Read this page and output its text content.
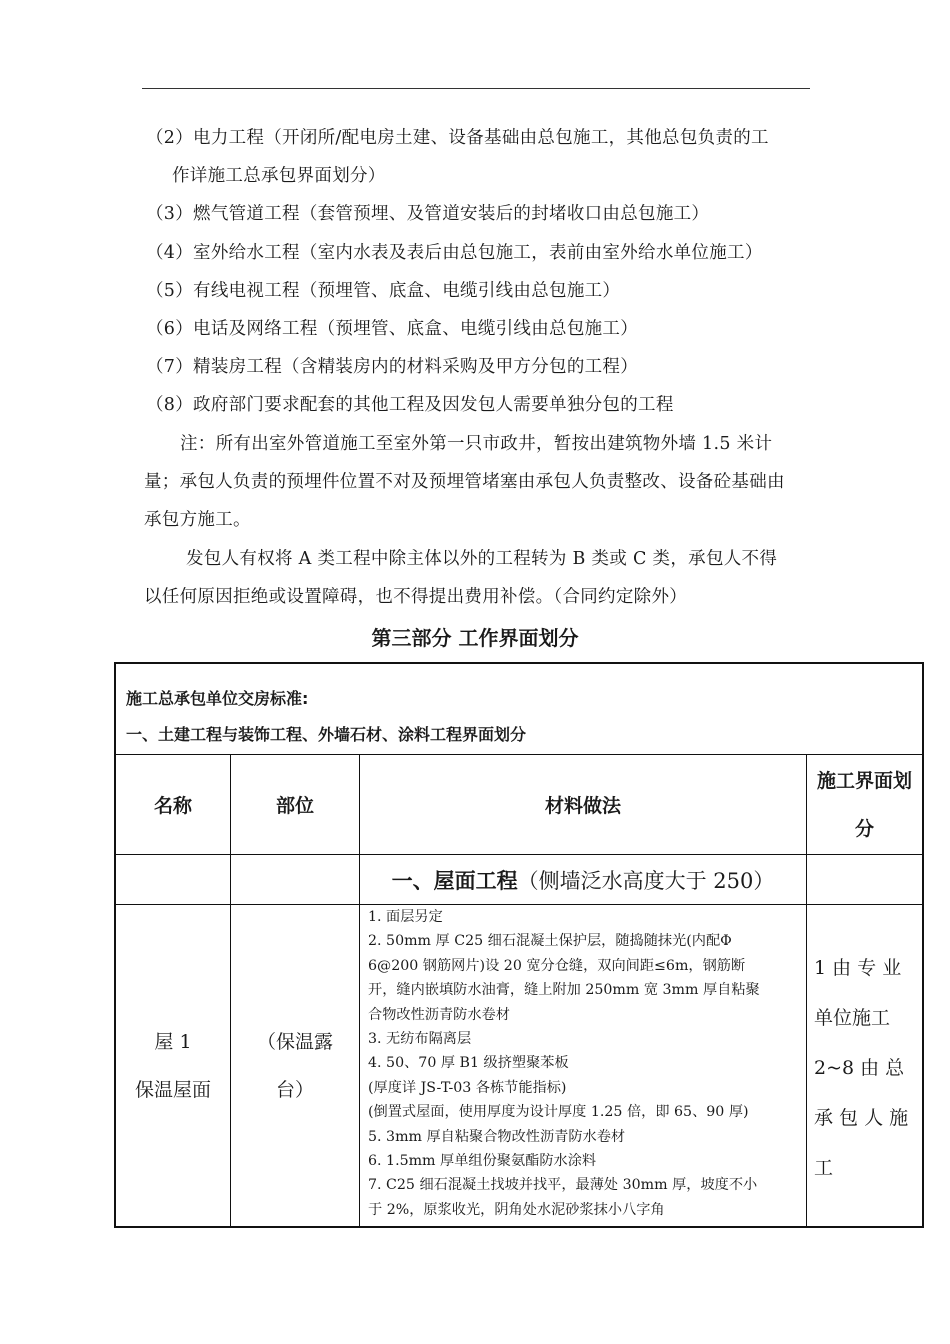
（2）电力工程（开闭所/配电房土建、设备基础由总包施工，其他总包负责的工
作详施工总承包界面划分）
（3）燃气管道工程（套管预埋、及管道安装后的封堵收口由总包施工）
（4）室外给水工程（室内水表及表后由总包施工，表前由室外给水单位施工）
（5）有线电视工程（预埋管、底盒、电缆引线由总包施工）
（6）电话及网络工程（预埋管、底盒、电缆引线由总包施工）
（7）精装房工程（含精装房内的材料采购及甲方分包的工程）
（8）政府部门要求配套的其他工程及因发包人需要单独分包的工程
注：所有出室外管道施工至室外第一只市政井，暂按出建筑物外墙 1.5 米计
量；承包人负责的预埋件位置不对及预埋管堵塞由承包人负责整改、设备砼基础由
承包方施工。
发包人有权将 A 类工程中除主体以外的工程转为 B 类或 C 类，承包人不得
以任何原因拒绝或设置障碍，也不得提出费用补偿。（合同约定除外）
第三部分 工作界面划分
施工总承包单位交房标准:
一、土建工程与装饰工程、外墙石材、涂料工程界面划分
名称	部位	材料做法
施工界面划
分
一、屋面工程 （侧墙泛水高度大于 250）
屋 1
保温屋面
（保温露
台）
1. 面层另定
2. 50mm 厚 C25 细石混凝土保护层，随捣随抹光(内配Φ
6@200 钢筋网片)设 20 宽分仓缝，双向间距≤6m，钢筋断
开，缝内嵌填防水油膏，缝上附加 250mm 宽 3mm 厚自粘聚
合物改性沥青防水卷材
3. 无纺布隔离层
4. 50、70 厚 B1 级挤塑聚苯板
(厚度详 JS-T-03 各栋节能指标)
(倒置式屋面，使用厚度为设计厚度 1.25 倍，即 65、90 厚)
5. 3mm 厚自粘聚合物改性沥青防水卷材
6. 1.5mm 厚单组份聚氨酯防水涂料
7. C25 细石混凝土找坡并找平，最薄处 30mm 厚，坡度不小
于 2%，原浆收光，阴角处水泥砂浆抹小八字角
1 由 专 业
单位施工
2~8 由 总
承 包 人 施
工
